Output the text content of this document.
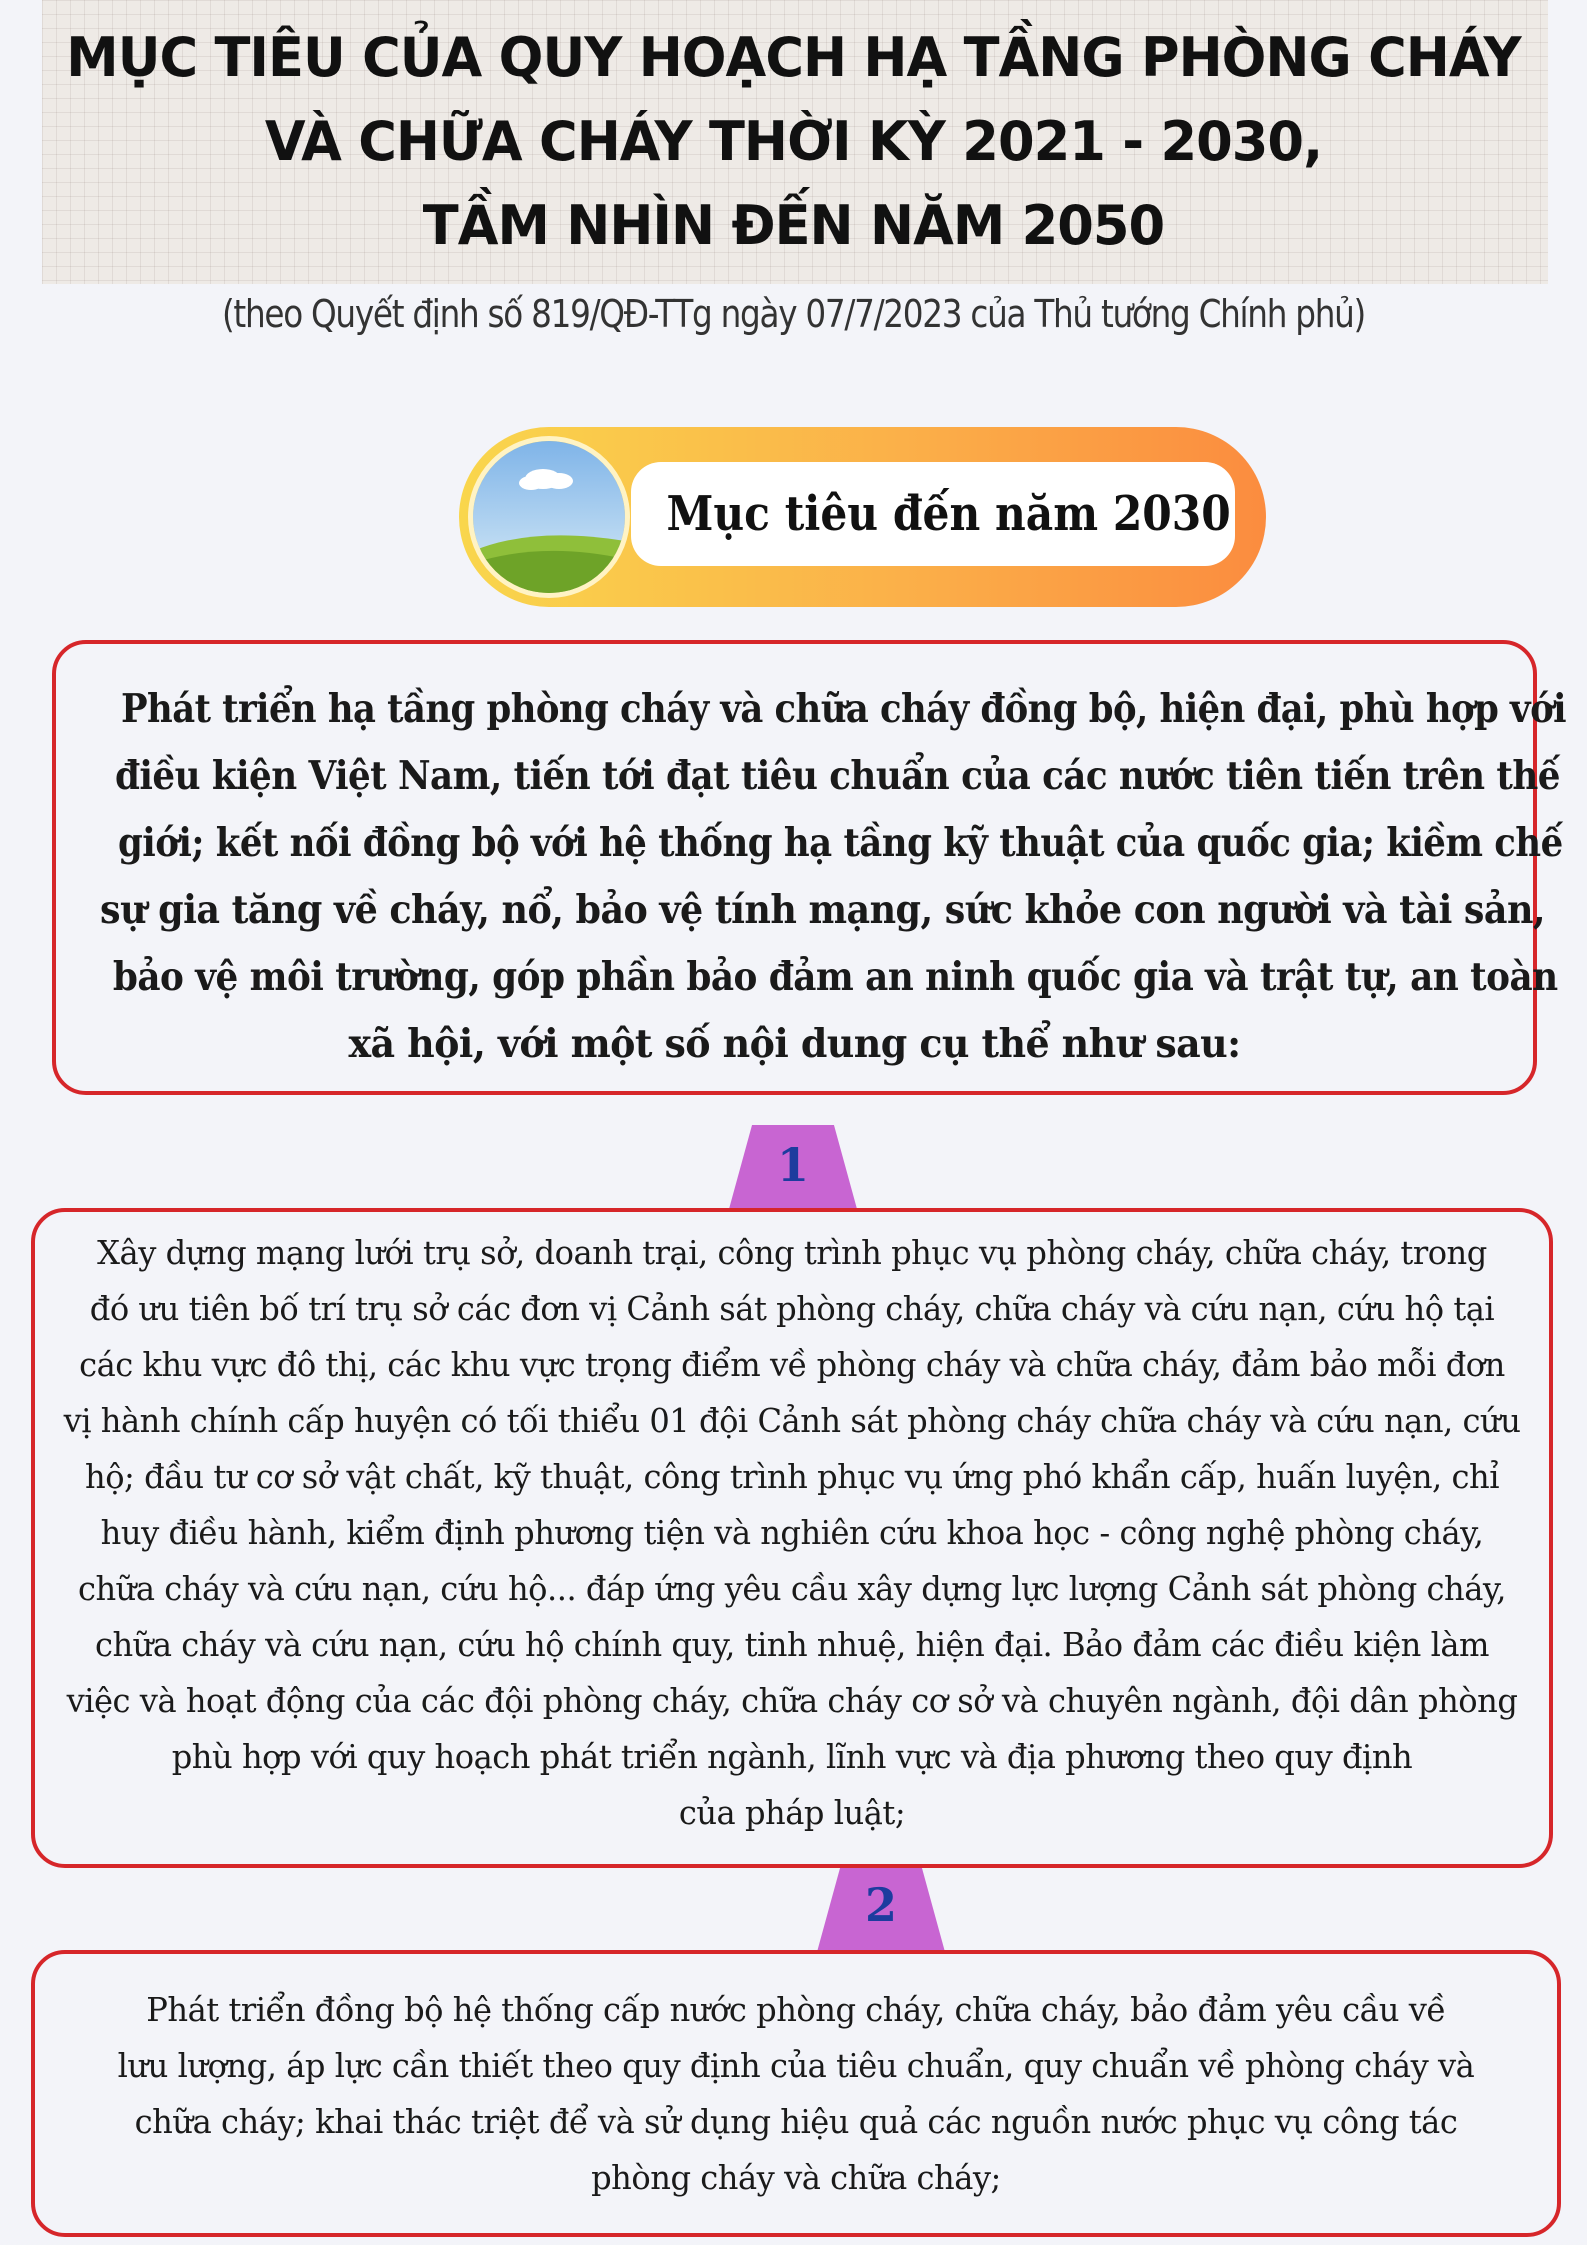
MỤC TIÊU CỦA QUY HOẠCH HẠ TẦNG PHÒNG CHÁY
VÀ CHỮA CHÁY THỜI KỲ 2021 - 2030,
TẦM NHÌN ĐẾN NĂM 2050
(theo Quyết định số 819/QĐ-TTg ngày 07/7/2023 của Thủ tướng Chính phủ)
Mục tiêu đến năm 2030
Phát triển hạ tầng phòng cháy và chữa cháy đồng bộ, hiện đại, phù hợp với
điều kiện Việt Nam, tiến tới đạt tiêu chuẩn của các nước tiên tiến trên thế
giới; kết nối đồng bộ với hệ thống hạ tầng kỹ thuật của quốc gia; kiềm chế
sự gia tăng về cháy, nổ, bảo vệ tính mạng, sức khỏe con người và tài sản,
bảo vệ môi trường, góp phần bảo đảm an ninh quốc gia và trật tự, an toàn
xã hội, với một số nội dung cụ thể như sau:
1
Xây dựng mạng lưới trụ sở, doanh trại, công trình phục vụ phòng cháy, chữa cháy, trong
đó ưu tiên bố trí trụ sở các đơn vị Cảnh sát phòng cháy, chữa cháy và cứu nạn, cứu hộ tại
các khu vực đô thị, các khu vực trọng điểm về phòng cháy và chữa cháy, đảm bảo mỗi đơn
vị hành chính cấp huyện có tối thiểu 01 đội Cảnh sát phòng cháy chữa cháy và cứu nạn, cứu
hộ; đầu tư cơ sở vật chất, kỹ thuật, công trình phục vụ ứng phó khẩn cấp, huấn luyện, chỉ
huy điều hành, kiểm định phương tiện và nghiên cứu khoa học - công nghệ phòng cháy,
chữa cháy và cứu nạn, cứu hộ... đáp ứng yêu cầu xây dựng lực lượng Cảnh sát phòng cháy,
chữa cháy và cứu nạn, cứu hộ chính quy, tinh nhuệ, hiện đại. Bảo đảm các điều kiện làm
việc và hoạt động của các đội phòng cháy, chữa cháy cơ sở và chuyên ngành, đội dân phòng
phù hợp với quy hoạch phát triển ngành, lĩnh vực và địa phương theo quy định
của pháp luật;
2
Phát triển đồng bộ hệ thống cấp nước phòng cháy, chữa cháy, bảo đảm yêu cầu về
lưu lượng, áp lực cần thiết theo quy định của tiêu chuẩn, quy chuẩn về phòng cháy và
chữa cháy; khai thác triệt để và sử dụng hiệu quả các nguồn nước phục vụ công tác
phòng cháy và chữa cháy;
